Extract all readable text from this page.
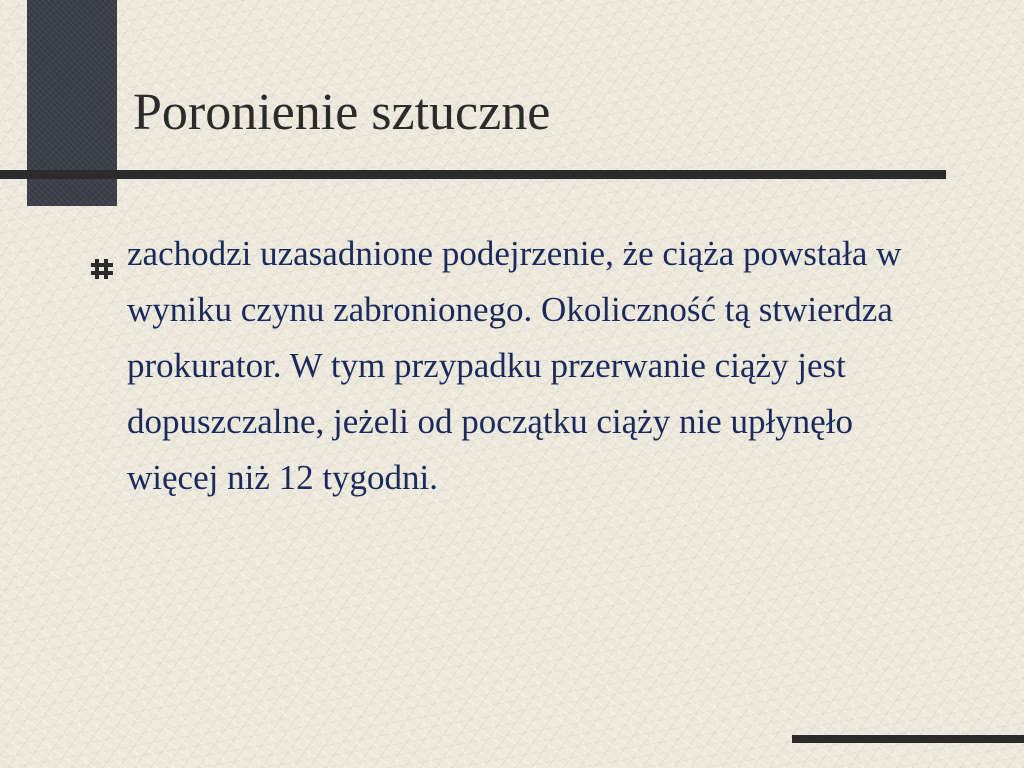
Poronienie sztuczne
zachodzi uzasadnione podejrzenie, że ciąża powstała w wyniku czynu zabronionego. Okoliczność tą stwierdza prokurator. W tym przypadku przerwanie ciąży jest dopuszczalne, jeżeli od początku ciąży nie upłynęło więcej niż 12 tygodni.
